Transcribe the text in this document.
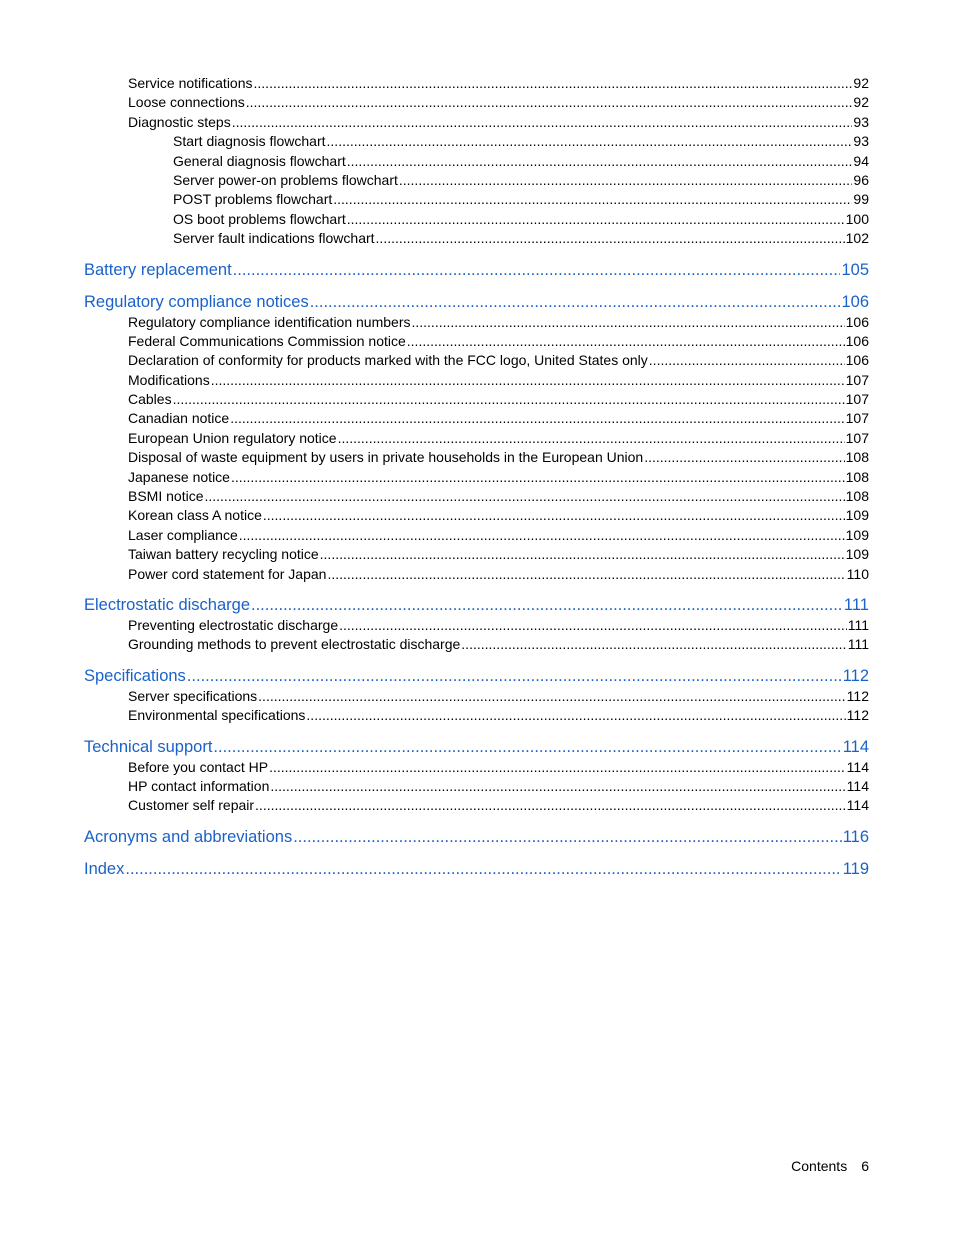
Service notifications .....	92
Loose connections .....	92
Diagnostic steps .....	93
Start diagnosis flowchart .....	93
General diagnosis flowchart .....	94
Server power-on problems flowchart .....	96
POST problems flowchart .....	99
OS boot problems flowchart .....	100
Server fault indications flowchart .....	102
Battery replacement .....	105
Regulatory compliance notices .....	106
Regulatory compliance identification numbers .....	106
Federal Communications Commission notice .....	106
Declaration of conformity for products marked with the FCC logo, United States only .....	106
Modifications .....	107
Cables .....	107
Canadian notice .....	107
European Union regulatory notice .....	107
Disposal of waste equipment by users in private households in the European Union .....	108
Japanese notice .....	108
BSMI notice .....	108
Korean class A notice .....	109
Laser compliance .....	109
Taiwan battery recycling notice .....	109
Power cord statement for Japan .....	110
Electrostatic discharge .....	111
Preventing electrostatic discharge .....	111
Grounding methods to prevent electrostatic discharge .....	111
Specifications .....	112
Server specifications .....	112
Environmental specifications .....	112
Technical support .....	114
Before you contact HP .....	114
HP contact information .....	114
Customer self repair .....	114
Acronyms and abbreviations .....	116
Index .....	119
Contents 6
